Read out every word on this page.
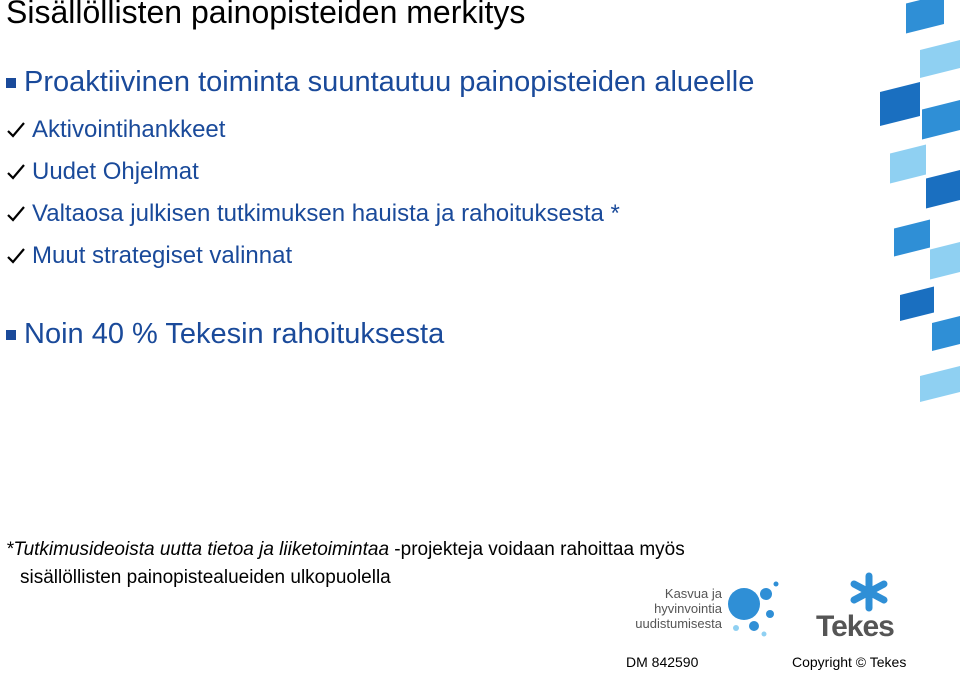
Sisällöllisten painopisteiden merkitys
Proaktiivinen toiminta suuntautuu painopisteiden alueelle
Aktivointihankkeet
Uudet Ohjelmat
Valtaosa julkisen tutkimuksen hauista ja rahoituksesta *
Muut strategiset valinnat
Noin 40 % Tekesin rahoituksesta
*Tutkimusideoista uutta tietoa ja liiketoimintaa -projekteja voidaan rahoittaa myös
sisällöllisten painopistealueiden ulkopuolella
Kasvua ja
hyvinvointia
uudistumisesta	Tekes
DM 842590	Copyright © Tekes
